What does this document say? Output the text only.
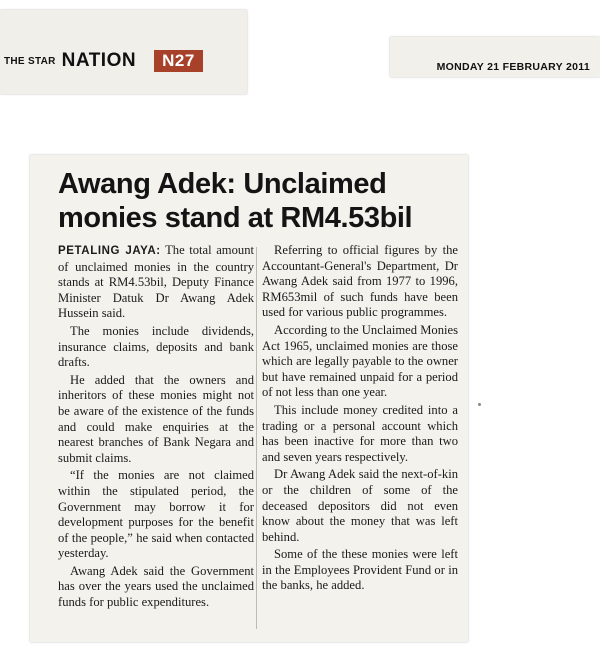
THE STAR NATION	N27	MONDAY 21 FEBRUARY 2011
Awang Adek: Unclaimed monies stand at RM4.53bil

PETALING JAYA: The total amount of unclaimed monies in the country stands at RM4.53bil, Deputy Finance Minister Datuk Dr Awang Adek Hussein said.

The monies include dividends, insurance claims, deposits and bank drafts.

He added that the owners and inheritors of these monies might not be aware of the existence of the funds and could make enquiries at the nearest branches of Bank Negara and submit claims.

“If the monies are not claimed within the stipulated period, the Government may borrow it for development purposes for the benefit of the people,” he said when contacted yesterday.

Awang Adek said the Government has over the years used the unclaimed funds for public expenditures.

Referring to official figures by the Accountant-General's Department, Dr Awang Adek said from 1977 to 1996, RM653mil of such funds have been used for various public programmes.

According to the Unclaimed Monies Act 1965, unclaimed monies are those which are legally payable to the owner but have remained unpaid for a period of not less than one year.

This include money credited into a trading or a personal account which has been inactive for more than two and seven years respectively.

Dr Awang Adek said the next-of-kin or the children of some of the deceased depositors did not even know about the money that was left behind.

Some of the these monies were left in the Employees Provident Fund or in the banks, he added.
